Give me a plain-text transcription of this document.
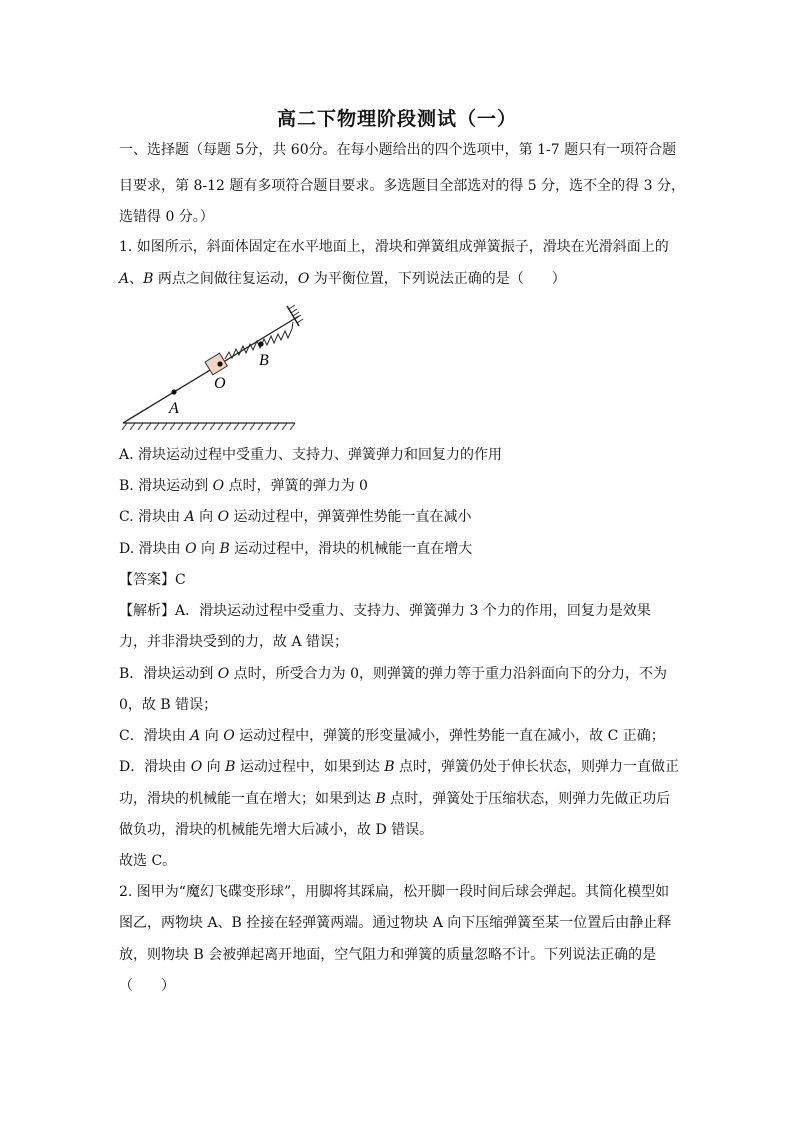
高二下物理阶段测试（一）
一、选择题（每题 5分，共 60分。在每小题给出的四个选项中，第 1-7 题只有一项符合题
目要求，第 8-12 题有多项符合题目要求。多选题目全部选对的得 5 分，选不全的得 3 分，
选错得 0 分。）
1. 如图所示，斜面体固定在水平地面上，滑块和弹簧组成弹簧振子，滑块在光滑斜面上的
A、B 两点之间做往复运动，O 为平衡位置，下列说法正确的是（　　）
A
O
B
A. 滑块运动过程中受重力、支持力、弹簧弹力和回复力的作用
B. 滑块运动到 O 点时，弹簧的弹力为 0
C. 滑块由 A 向 O 运动过程中，弹簧弹性势能一直在减小
D. 滑块由 O 向 B 运动过程中，滑块的机械能一直在增大
【答案】C
【解析】A．滑块运动过程中受重力、支持力、弹簧弹力 3 个力的作用，回复力是效果
力，并非滑块受到的力，故 A 错误；
B．滑块运动到 O 点时，所受合力为 0，则弹簧的弹力等于重力沿斜面向下的分力，不为
0，故 B 错误；
C．滑块由 A 向 O 运动过程中，弹簧的形变量减小，弹性势能一直在减小，故 C 正确；
D．滑块由 O 向 B 运动过程中，如果到达 B 点时，弹簧仍处于伸长状态，则弹力一直做正
功，滑块的机械能一直在增大；如果到达 B 点时，弹簧处于压缩状态，则弹力先做正功后
做负功，滑块的机械能先增大后减小，故 D 错误。
故选 C。
2. 图甲为“魔幻飞碟变形球”，用脚将其踩扁，松开脚一段时间后球会弹起。其简化模型如
图乙，两物块 A、B 拴接在轻弹簧两端。通过物块 A 向下压缩弹簧至某一位置后由静止释
放，则物块 B 会被弹起离开地面，空气阻力和弹簧的质量忽略不计。下列说法正确的是
（　　）
